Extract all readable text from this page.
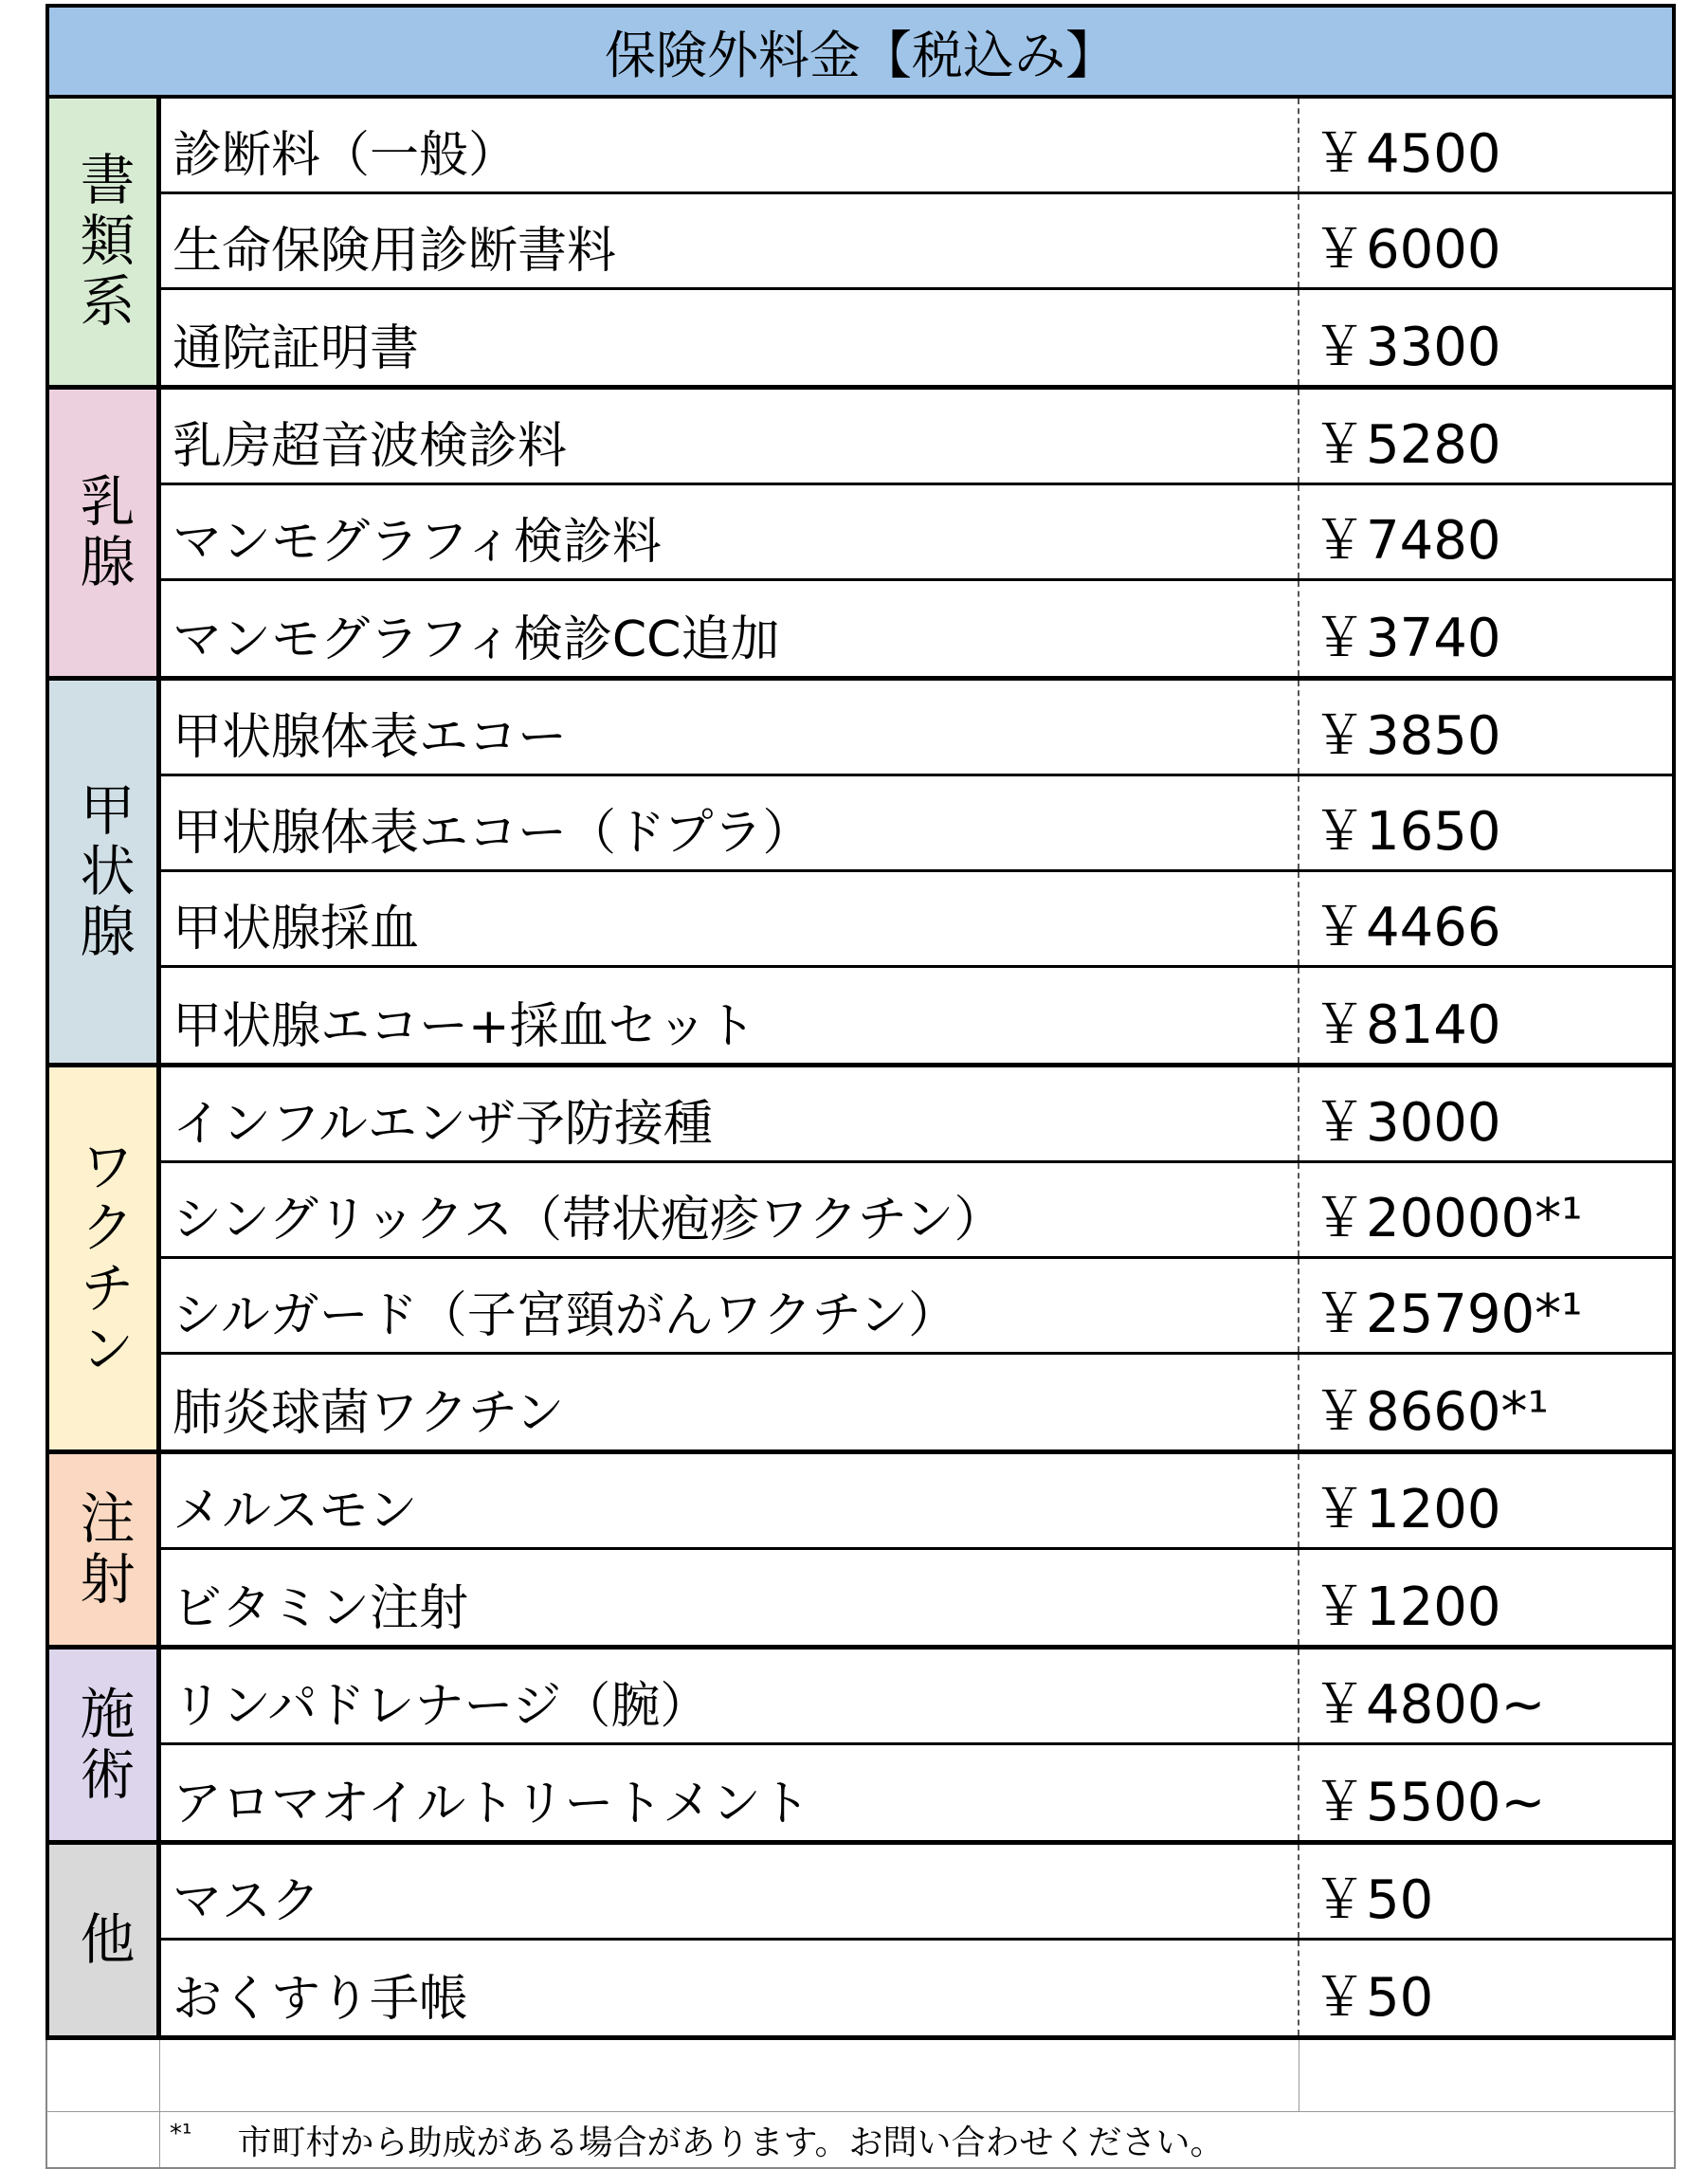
保険外料金【税込み】
書類系 診断料（一般）	￥4500
生命保険用診断書料	￥6000
通院証明書	￥3300
乳腺
乳房超音波検診料	￥5280
マンモグラフィ検診料	￥7480
マンモグラフィ検診CC追加	￥3740
甲状腺
甲状腺体表エコー	￥3850
甲状腺体表エコー（ドプラ）	￥1650
甲状腺採血	￥4466
甲状腺エコー+採血セット	￥8140
ワクチン
インフルエンザ予防接種	￥3000
シングリックス（帯状疱疹ワクチン）	￥20000*¹
シルガード（子宮頸がんワクチン）	￥25790*¹
肺炎球菌ワクチン	￥8660*¹
注射 メルスモン	￥1200
ビタミン注射	￥1200
施術 リンパドレナージ（腕）	￥4800~
アロマオイルトリートメント	￥5500~
他
マスク	￥50
おくすり手帳	￥50
*¹ 市町村から助成がある場合があります。お問い合わせください。
